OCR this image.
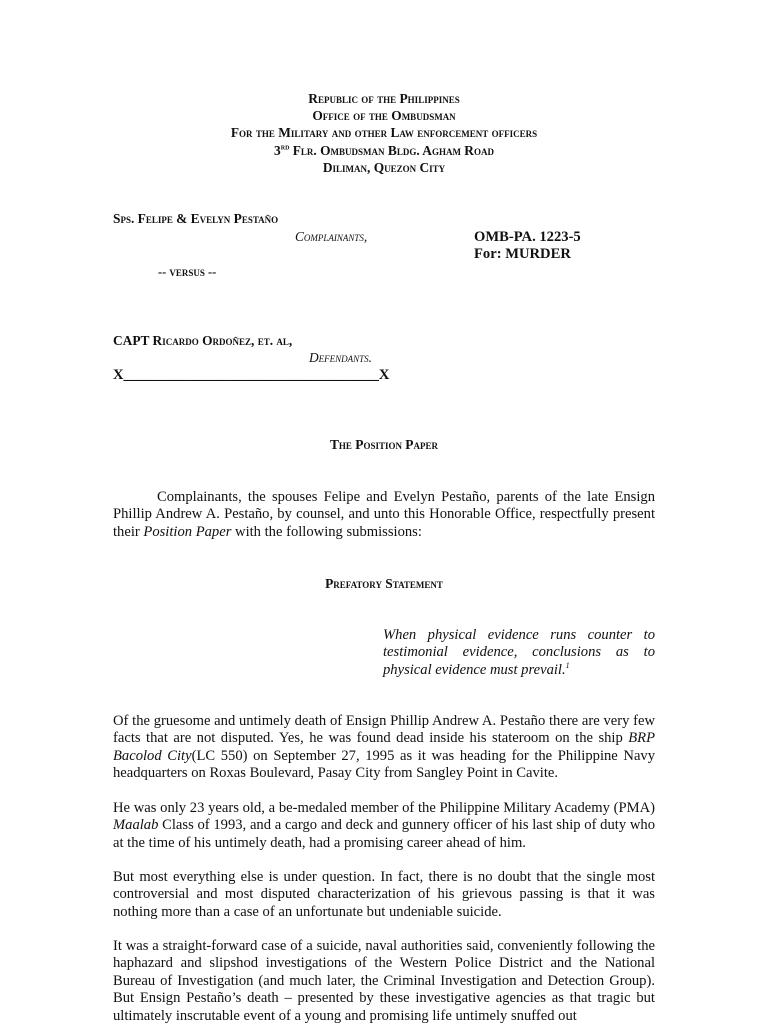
Republic of the Philippines
Office of the Ombudsman
For the Military and other Law enforcement officers
3rd Flr. Ombudsman Bldg. Agham Road
Diliman, Quezon City
Sps. Felipe & Evelyn Pestaño
Complainants,	OMB-PA. 1223-5
For: MURDER
-- versus --
CAPT Ricardo Ordoñez, et. al,
Defendants.
X___________________________________X
The Position Paper
Complainants, the spouses Felipe and Evelyn Pestaño, parents of the late Ensign Phillip Andrew A. Pestaño, by counsel, and unto this Honorable Office, respectfully present their Position Paper with the following submissions:
Prefatory Statement
When physical evidence runs counter to testimonial evidence, conclusions as to physical evidence must prevail.$^1$
Of the gruesome and untimely death of Ensign Phillip Andrew A. Pestaño there are very few facts that are not disputed. Yes, he was found dead inside his stateroom on the ship BRP Bacolod City(LC 550) on September 27, 1995 as it was heading for the Philippine Navy headquarters on Roxas Boulevard, Pasay City from Sangley Point in Cavite.
He was only 23 years old, a be-medaled member of the Philippine Military Academy (PMA) Maalab Class of 1993, and a cargo and deck and gunnery officer of his last ship of duty who at the time of his untimely death, had a promising career ahead of him.
But most everything else is under question. In fact, there is no doubt that the single most controversial and most disputed characterization of his grievous passing is that it was nothing more than a case of an unfortunate but undeniable suicide.
It was a straight-forward case of a suicide, naval authorities said, conveniently following the haphazard and slipshod investigations of the Western Police District and the National Bureau of Investigation (and much later, the Criminal Investigation and Detection Group). But Ensign Pestaño’s death – presented by these investigative agencies as that tragic but ultimately inscrutable event of a young and promising life untimely snuffed out
